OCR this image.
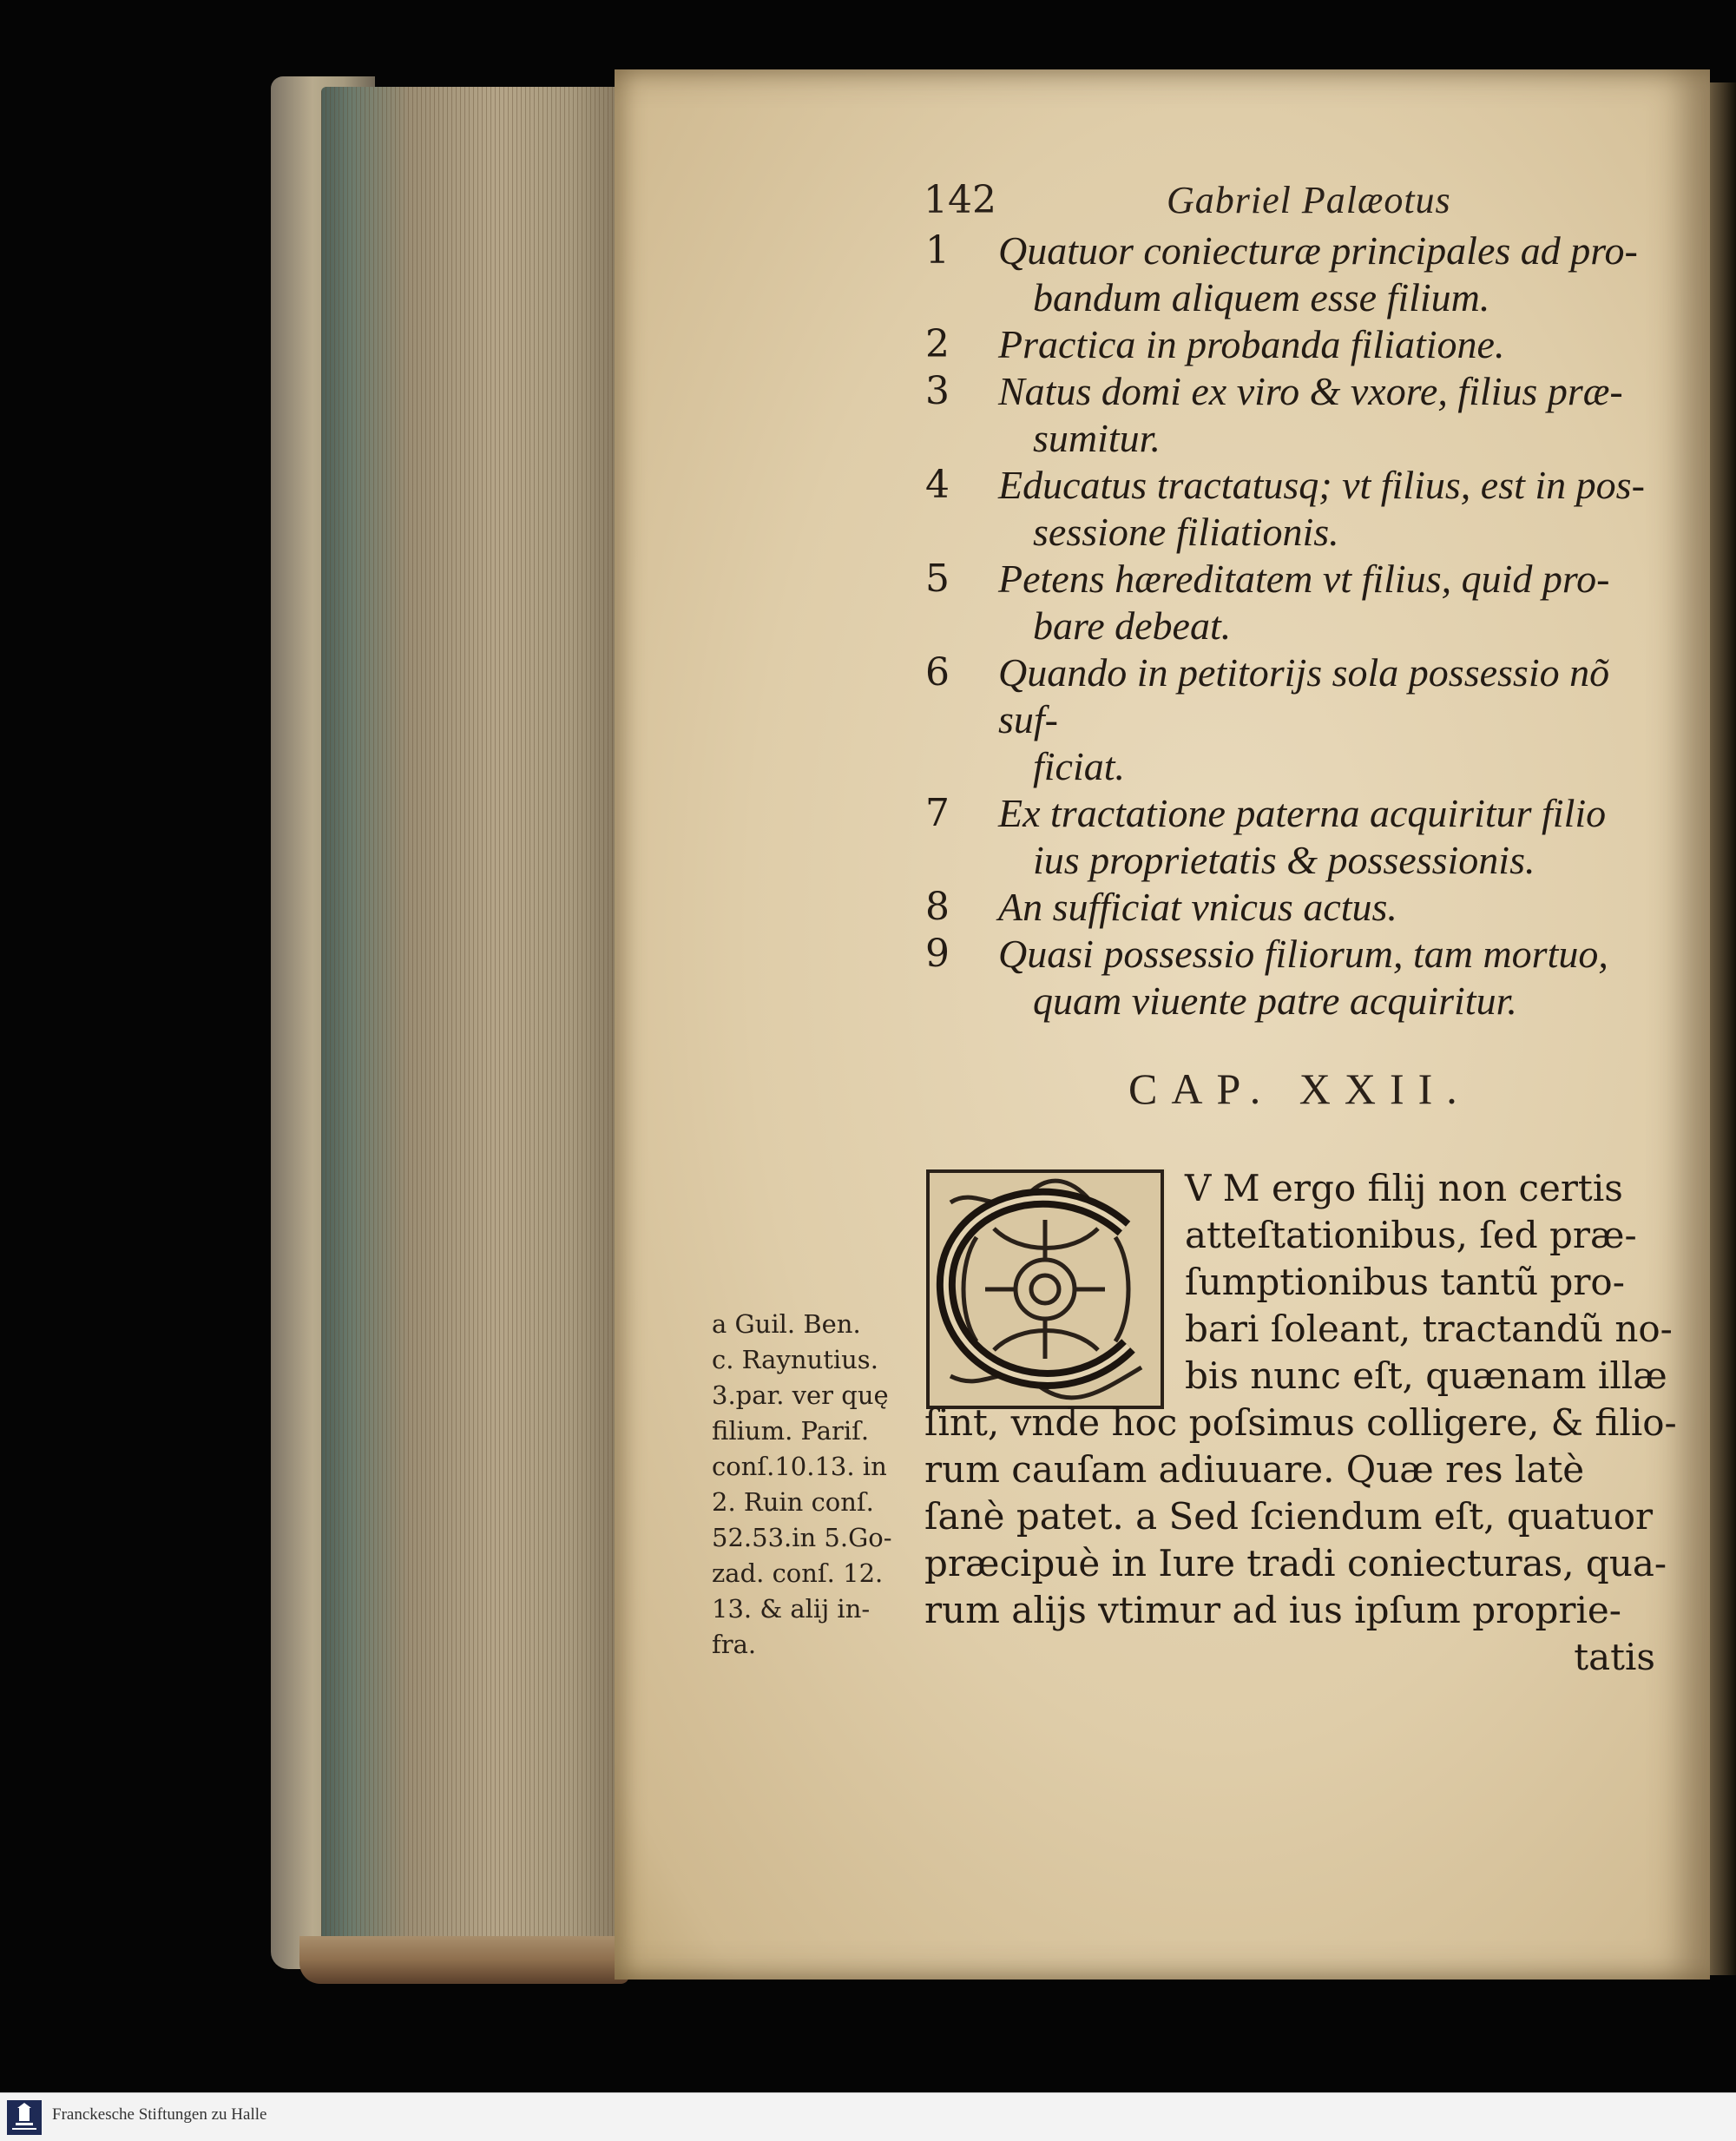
142	Gabriel Palæotus
1 Quatuor coniecturæ principales ad pro-
bandum aliquem esse filium.
2 Practica in probanda filiatione.
3 Natus domi ex viro & vxore, filius præ-
sumitur.
4 Educatus tractatusq; vt filius, est in pos-
sessione filiationis.
5 Petens hæreditatem vt filius, quid pro-
bare debeat.
6 Quando in petitorijs sola possessio nõ suf-
ficiat.
7 Ex tractatione paterna acquiritur filio
ius proprietatis & possessionis.
8 An sufficiat vnicus actus.
9 Quasi possessio filiorum, tam mortuo,
quam viuente patre acquiritur.
CAP. XXII.
V M ergo filij non certis
atteſtationibus, ſed præ-
ſumptionibus tantũ pro-
bari ſoleant, tractandũ no-
bis nunc eſt, quænam illæ
ſint, vnde hoc poſsimus colligere, & filio-
rum cauſam adiuuare. Quæ res latè
ſanè patet. a Sed ſciendum eſt, quatuor
præcipuè in Iure tradi coniecturas, qua-
rum alijs vtimur ad ius ipſum proprie-
tatis
a Guil. Ben.
c. Raynutius.
3.par. ver quę
filium. Pariſ.
conſ.10.13. in
2. Ruin conſ.
52.53.in 5.Go-
zad. conſ. 12.
13. & alij in-
fra.
Franckesche Stiftungen zu Halle
